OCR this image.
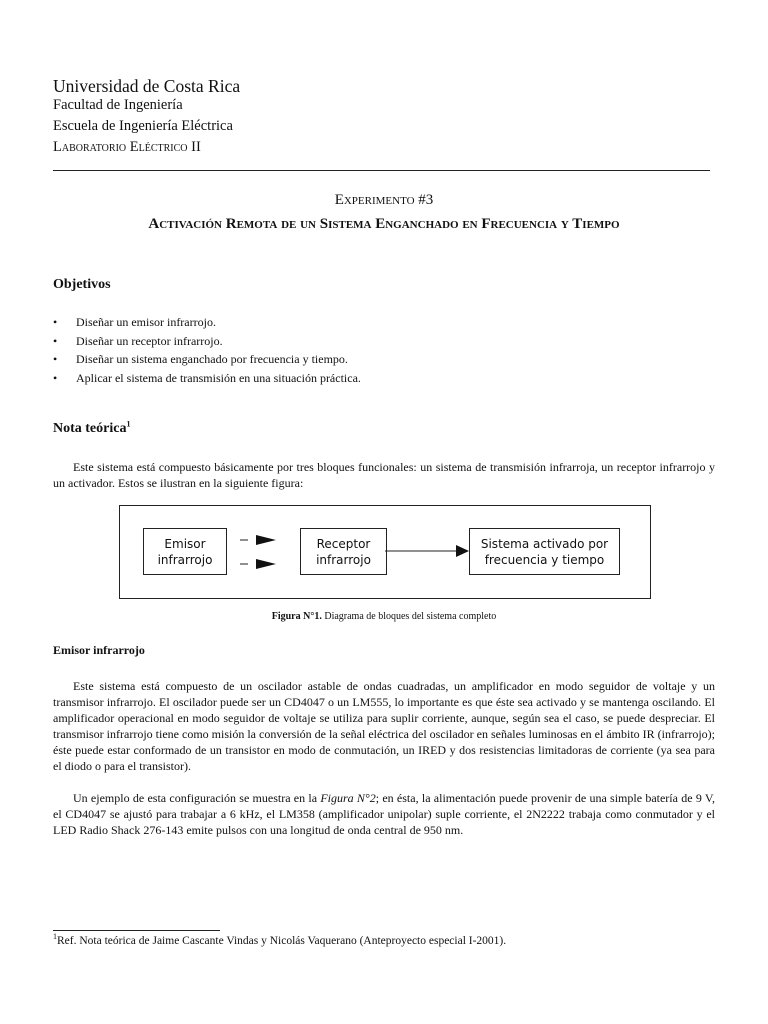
Universidad de Costa Rica
Facultad de Ingeniería
Escuela de Ingeniería Eléctrica
Laboratorio Eléctrico II
Experimento #3
Activación Remota de un Sistema Enganchado en Frecuencia y Tiempo
Objetivos
• Diseñar un emisor infrarrojo.
• Diseñar un receptor infrarrojo.
• Diseñar un sistema enganchado por frecuencia y tiempo.
• Aplicar el sistema de transmisión en una situación práctica.
Nota teórica$^1$
Este sistema está compuesto básicamente por tres bloques funcionales: un sistema de transmisión infrarroja, un receptor infrarrojo y un activador. Estos se ilustran en la siguiente figura:
Emisor
infrarrojo
Receptor
infrarrojo
Sistema activado por
frecuencia y tiempo
Figura N°1. Diagrama de bloques del sistema completo
Emisor infrarrojo
Este sistema está compuesto de un oscilador astable de ondas cuadradas, un amplificador en modo seguidor de voltaje y un transmisor infrarrojo. El oscilador puede ser un CD4047 o un LM555, lo importante es que éste sea activado y se mantenga oscilando. El amplificador operacional en modo seguidor de voltaje se utiliza para suplir corriente, aunque, según sea el caso, se puede despreciar. El transmisor infrarrojo tiene como misión la conversión de la señal eléctrica del oscilador en señales luminosas en el ámbito IR (infrarrojo); éste puede estar conformado de un transistor en modo de conmutación, un IRED y dos resistencias limitadoras de corriente (ya sea para el diodo o para el transistor).
Un ejemplo de esta configuración se muestra en la Figura N°2; en ésta, la alimentación puede provenir de una simple batería de 9 V, el CD4047 se ajustó para trabajar a 6 kHz, el LM358 (amplificador unipolar) suple corriente, el 2N2222 trabaja como conmutador y el LED Radio Shack 276-143 emite pulsos con una longitud de onda central de 950 nm.
$^1$Ref. Nota teórica de Jaime Cascante Vindas y Nicolás Vaquerano (Anteproyecto especial I-2001).
